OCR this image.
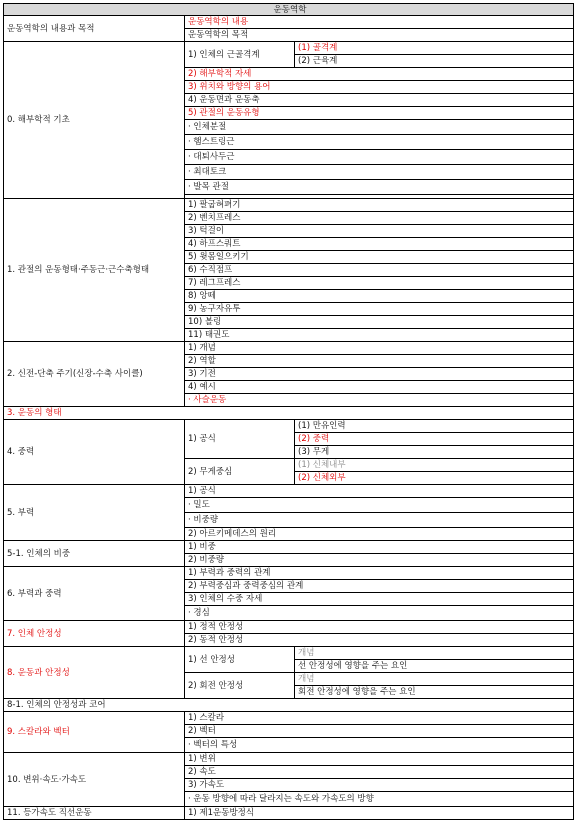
운동역학		
운동역학의 내용과 목적	운동역학의 내용	
	운동역학의 목적	
0. 해부학적 기초	1) 인체의 근골격계	(1) 골격계
		(2) 근육계
	2) 해부학적 자세	
	3) 위치와 방향의 용어	
	4) 운동면과 운동축	
	5) 관절의 운동유형	
	· 인체분절	
	· 햄스트링근	
	· 대퇴사두근	
	· 최대토크	
	· 발목 관절	

1. 관절의 운동형태·주동근·근수축형태	1) 팔굽혀펴기	
	2) 벤치프레스	
	3) 턱걸이	
	4) 하프스쿼트	
	5) 윗몸일으키기	
	6) 수직점프	
	7) 레그프레스	
	8) 앙떼	
	9) 농구자유투	
	10) 볼링	
	11) 태권도	
2. 신전-단축 주기(신장-수축 사이클)	1) 개념	
	2) 역할	
	3) 기전	
	4) 예시	
	· 사슬운동	
3. 운동의 형태		
4. 중력	1) 공식	(1) 만유인력
		(2) 중력
		(3) 무게
	2) 무게중심	(1) 신체내부
		(2) 신체외부
5. 부력	1) 공식	
	· 밀도	
	· 비중량	
	2) 아르키메데스의 원리	
5-1. 인체의 비중	1) 비중	
	2) 비중량	
6. 부력과 중력	1) 부력과 중력의 관계	
	2) 부력중심과 중력중심의 관계	
	3) 인체의 수중 자세	
	· 경심	
7. 인체 안정성	1) 정적 안정성	
	2) 동적 안정성	
8. 운동과 안정성	1) 선 안정성	개념
		선 안정성에 영향을 주는 요인
	2) 회전 안정성	개념
		회전 안정성에 영향을 주는 요인
8-1. 인체의 안정성과 코어		
9. 스칼라와 벡터	1) 스칼라	
	2) 벡터	
	· 벡터의 특성	
10. 변위·속도·가속도	1) 변위	
	2) 속도	
	3) 가속도	
	· 운동 방향에 따라 달라지는 속도와 가속도의 방향	
11. 등가속도 직선운동	1) 제1운동방정식	
